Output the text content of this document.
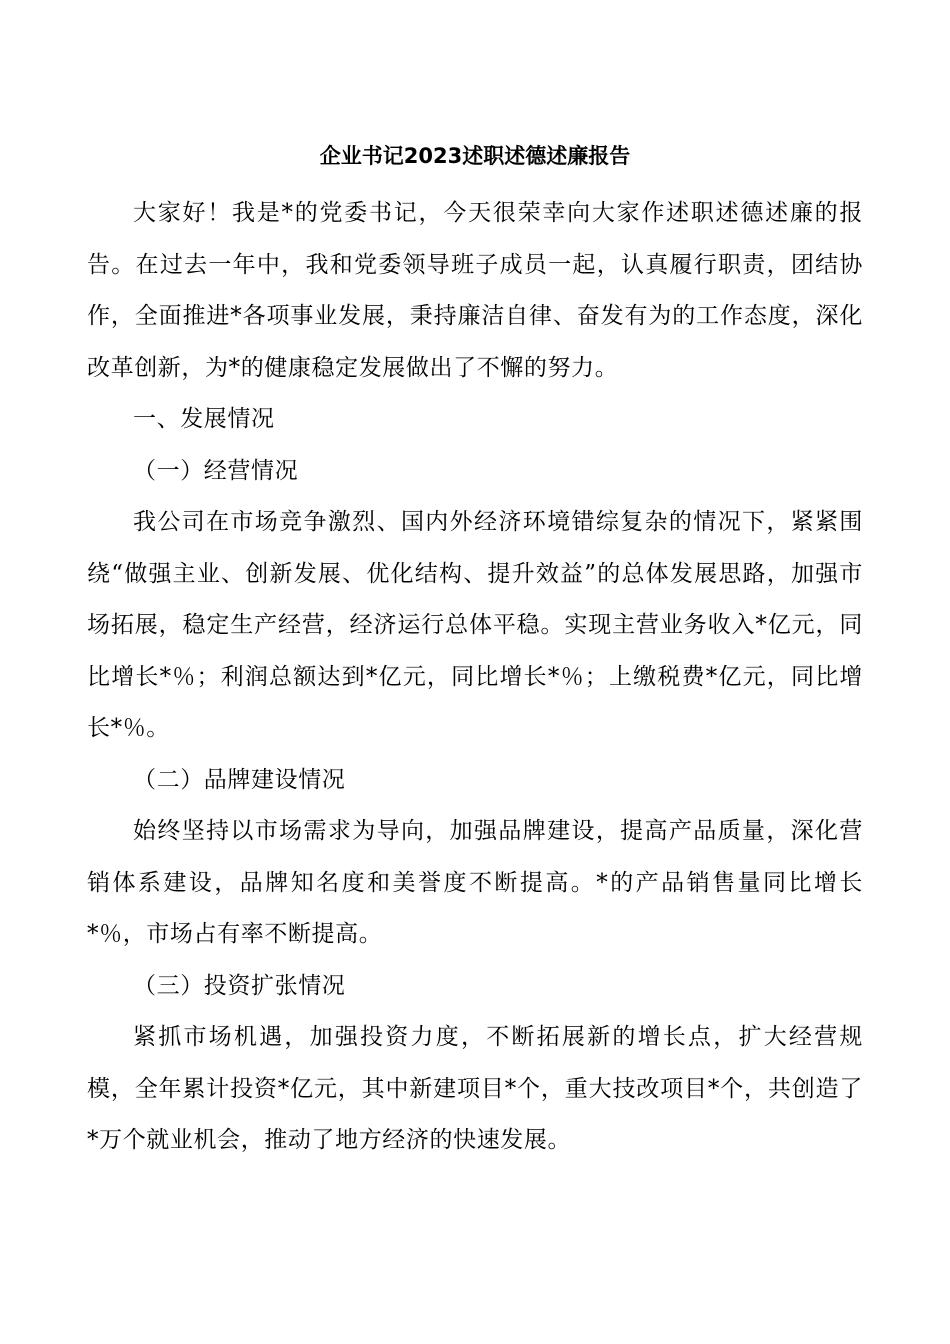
企业书记2023述职述德述廉报告

大家好！我是*的党委书记，今天很荣幸向大家作述职述德述廉的报告。在过去一年中，我和党委领导班子成员一起，认真履行职责，团结协作，全面推进*各项事业发展，秉持廉洁自律、奋发有为的工作态度，深化改革创新，为*的健康稳定发展做出了不懈的努力。

一、发展情况

（一）经营情况

我公司在市场竞争激烈、国内外经济环境错综复杂的情况下，紧紧围绕“做强主业、创新发展、优化结构、提升效益”的总体发展思路，加强市场拓展，稳定生产经营，经济运行总体平稳。实现主营业务收入*亿元，同比增长*％；利润总额达到*亿元，同比增长*％；上缴税费*亿元，同比增长*％。

（二）品牌建设情况

始终坚持以市场需求为导向，加强品牌建设，提高产品质量，深化营销体系建设，品牌知名度和美誉度不断提高。*的产品销售量同比增长*％，市场占有率不断提高。

（三）投资扩张情况

紧抓市场机遇，加强投资力度，不断拓展新的增长点，扩大经营规模，全年累计投资*亿元，其中新建项目*个，重大技改项目*个，共创造了*万个就业机会，推动了地方经济的快速发展。
